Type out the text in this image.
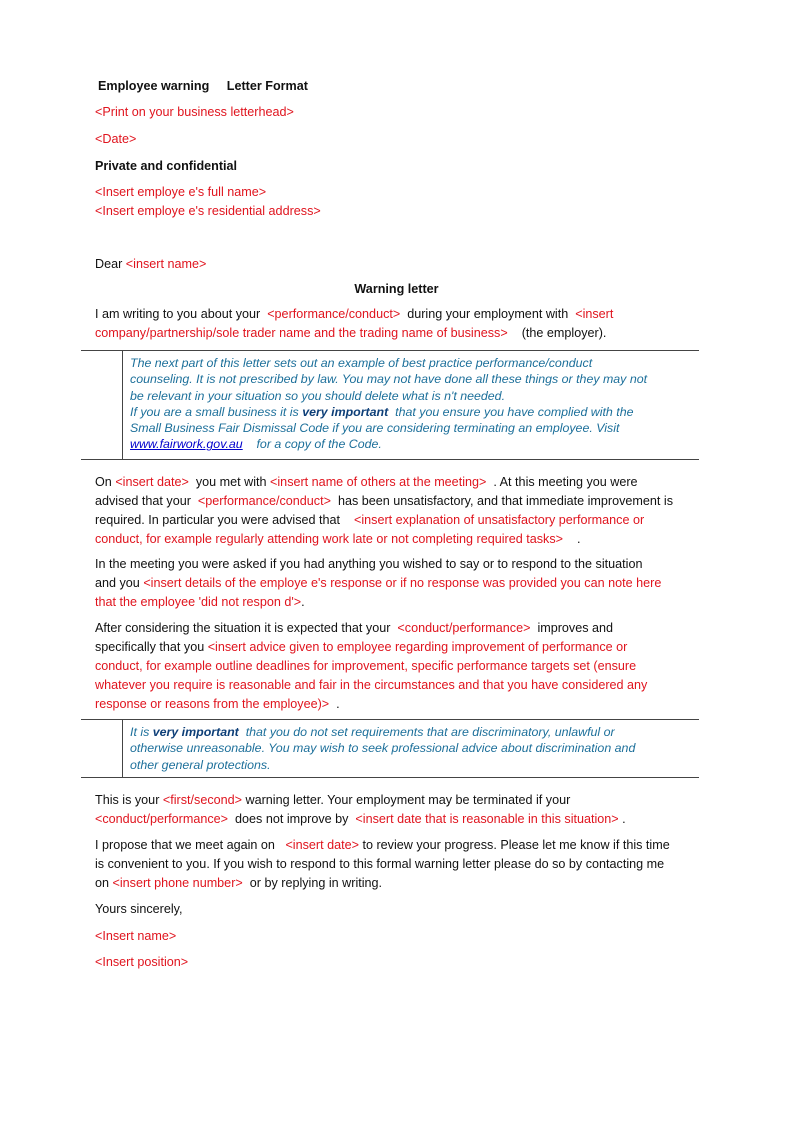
Employee warning Letter Format
<Print on your business letterhead>
<Date>
Private and confidential
<Insert employe e's full name>
<Insert employe e's residential address>
Dear <insert name>
Warning letter
I am writing to you about your <performance/conduct> during your employment with <insert
company/partnership/sole trader name and the trading name of business> (the employer).
The next part of this letter sets out an example of best practice performance/conduct
counseling. It is not prescribed by law. You may not have done all these things or they may not
be relevant in your situation so you should delete what is n't needed.
If you are a small business it is very important that you ensure you have complied with the
Small Business Fair Dismissal Code if you are considering terminating an employee. Visit
www.fairwork.gov.au for a copy of the Code.
On <insert date> you met with <insert name of others at the meeting> . At this meeting you were
advised that your <performance/conduct> has been unsatisfactory, and that immediate improvement is
required. In particular you were advised that <insert explanation of unsatisfactory performance or
conduct, for example regularly attending work late or not completing required tasks> .
In the meeting you were asked if you had anything you wished to say or to respond to the situation
and you <insert details of the employe e's response or if no response was provided you can note here
that the employee 'did not respon d'>.
After considering the situation it is expected that your <conduct/performance> improves and
specifically that you <insert advice given to employee regarding improvement of performance or
conduct, for example outline deadlines for improvement, specific performance targets set (ensure
whatever you require is reasonable and fair in the circumstances and that you have considered any
response or reasons from the employee)> .
It is very important that you do not set requirements that are discriminatory, unlawful or
otherwise unreasonable. You may wish to seek professional advice about discrimination and
other general protections.
This is your <first/second> warning letter. Your employment may be terminated if your
<conduct/performance> does not improve by <insert date that is reasonable in this situation> .
I propose that we meet again on <insert date> to review your progress. Please let me know if this time
is convenient to you. If you wish to respond to this formal warning letter please do so by contacting me
on <insert phone number> or by replying in writing.
Yours sincerely,
<Insert name>
<Insert position>
